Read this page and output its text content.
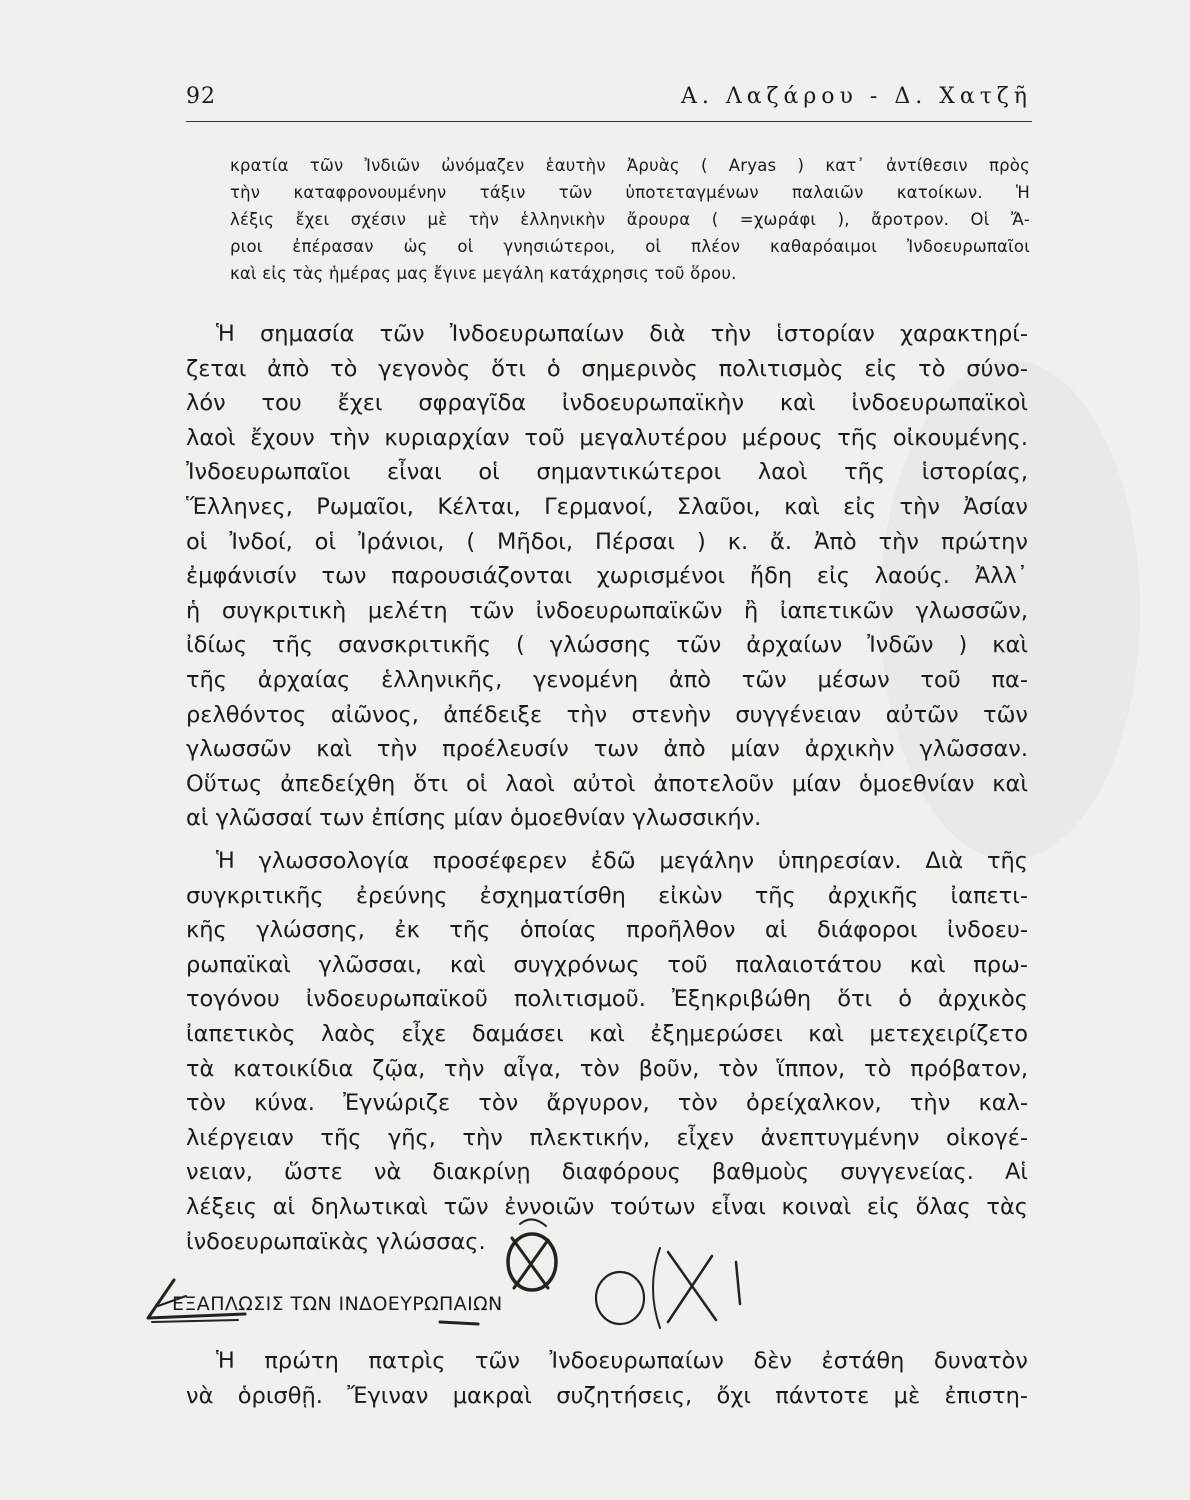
92	Α. Λαζάρου - Δ. Χατζῆ

κρατία τῶν Ἰνδιῶν ὠνόμαζεν ἑαυτὴν Ἀρυὰς ( Aryas ) κατ᾽ ἀντίθεσιν πρὸς
τὴν καταφρονουμένην τάξιν τῶν ὑποτεταγμένων παλαιῶν κατοίκων. Ἡ
λέξις ἔχει σχέσιν μὲ τὴν ἑλληνικὴν ἄρουρα ( =χωράφι ), ἄροτρον. Οἱ Ἄ-
ριοι ἐπέρασαν ὡς οἱ γνησιώτεροι, οἱ πλέον καθαρόαιμοι Ἰνδοευρωπαῖοι
καὶ εἰς τὰς ἡμέρας μας ἔγινε μεγάλη κατάχρησις τοῦ ὅρου.

Ἡ σημασία τῶν Ἰνδοευρωπαίων διὰ τὴν ἱστορίαν χαρακτηρί-
ζεται ἀπὸ τὸ γεγονὸς ὅτι ὁ σημερινὸς πολιτισμὸς εἰς τὸ σύνο-
λόν του ἔχει σφραγῖδα ἰνδοευρωπαϊκὴν καὶ ἰνδοευρωπαϊκοὶ
λαοὶ ἔχουν τὴν κυριαρχίαν τοῦ μεγαλυτέρου μέρους τῆς οἰκουμένης.
Ἰνδοευρωπαῖοι εἶναι οἱ σημαντικώτεροι λαοὶ τῆς ἱστορίας,
Ἕλληνες, Ρωμαῖοι, Κέλται, Γερμανοί, Σλαῦοι, καὶ εἰς τὴν Ἀσίαν
οἱ Ἰνδοί, οἱ Ἰράνιοι, ( Μῆδοι, Πέρσαι ) κ. ἄ. Ἀπὸ τὴν πρώτην
ἐμφάνισίν των παρουσιάζονται χωρισμένοι ἤδη εἰς λαούς. Ἀλλ᾽
ἡ συγκριτικὴ μελέτη τῶν ἰνδοευρωπαϊκῶν ἢ ἰαπετικῶν γλωσσῶν,
ἰδίως τῆς σανσκριτικῆς ( γλώσσης τῶν ἀρχαίων Ἰνδῶν ) καὶ
τῆς ἀρχαίας ἑλληνικῆς, γενομένη ἀπὸ τῶν μέσων τοῦ πα-
ρελθόντος αἰῶνος, ἀπέδειξε τὴν στενὴν συγγένειαν αὐτῶν τῶν
γλωσσῶν καὶ τὴν προέλευσίν των ἀπὸ μίαν ἀρχικὴν γλῶσσαν.
Οὕτως ἀπεδείχθη ὅτι οἱ λαοὶ αὐτοὶ ἀποτελοῦν μίαν ὁμοεθνίαν καὶ
αἱ γλῶσσαί των ἐπίσης μίαν ὁμοεθνίαν γλωσσικήν.

Ἡ γλωσσολογία προσέφερεν ἐδῶ μεγάλην ὑπηρεσίαν. Διὰ τῆς
συγκριτικῆς ἐρεύνης ἐσχηματίσθη εἰκὼν τῆς ἀρχικῆς ἰαπετι-
κῆς γλώσσης, ἐκ τῆς ὁποίας προῆλθον αἱ διάφοροι ἰνδοευ-
ρωπαϊκαὶ γλῶσσαι, καὶ συγχρόνως τοῦ παλαιοτάτου καὶ πρω-
τογόνου ἰνδοευρωπαϊκοῦ πολιτισμοῦ. Ἐξηκριβώθη ὅτι ὁ ἀρχικὸς
ἰαπετικὸς λαὸς εἶχε δαμάσει καὶ ἐξημερώσει καὶ μετεχειρίζετο
τὰ κατοικίδια ζῷα, τὴν αἶγα, τὸν βοῦν, τὸν ἵππον, τὸ πρόβατον,
τὸν κύνα. Ἐγνώριζε τὸν ἄργυρον, τὸν ὀρείχαλκον, τὴν καλ-
λιέργειαν τῆς γῆς, τὴν πλεκτικήν, εἶχεν ἀνεπτυγμένην οἰκογέ-
νειαν, ὥστε νὰ διακρίνῃ διαφόρους βαθμοὺς συγγενείας. Αἱ
λέξεις αἱ δηλωτικαὶ τῶν ἐννοιῶν τούτων εἶναι κοιναὶ εἰς ὅλας τὰς
ἰνδοευρωπαϊκὰς γλώσσας.

ΕΞΑΠΛΩΣΙΣ ΤΩΝ ΙΝΔΟΕΥΡΩΠΑΙΩΝ

Ἡ πρώτη πατρὶς τῶν Ἰνδοευρωπαίων δὲν ἐστάθη δυνατὸν
νὰ ὁρισθῇ. Ἔγιναν μακραὶ συζητήσεις, ὄχι πάντοτε μὲ ἐπιστη-
